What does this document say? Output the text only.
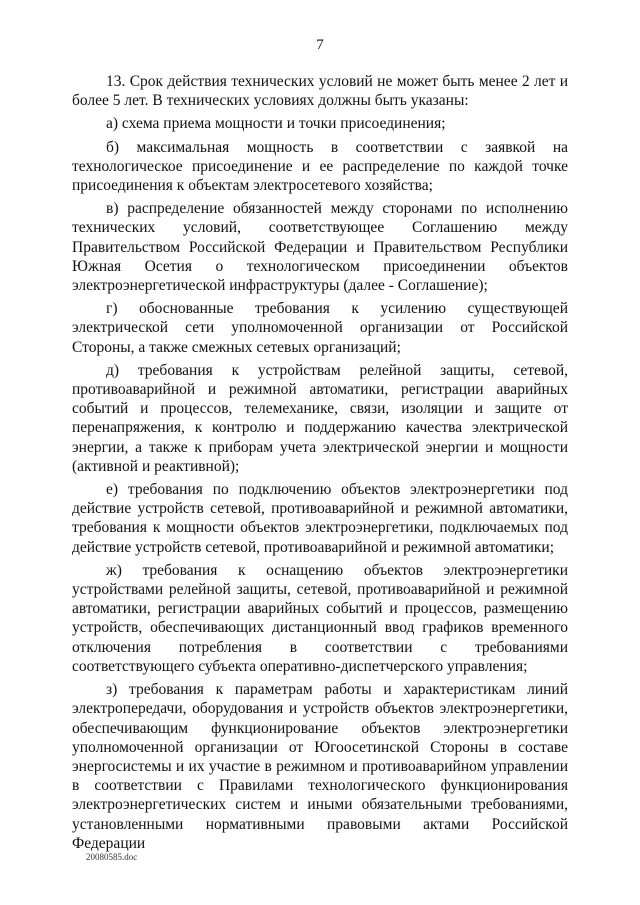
7

13. Срок действия технических условий не может быть менее 2 лет и более 5 лет. В технических условиях должны быть указаны:

а) схема приема мощности и точки присоединения;

б) максимальная мощность в соответствии с заявкой на технологическое присоединение и ее распределение по каждой точке присоединения к объектам электросетевого хозяйства;

в) распределение обязанностей между сторонами по исполнению технических условий, соответствующее Соглашению между Правительством Российской Федерации и Правительством Республики Южная Осетия о технологическом присоединении объектов электроэнергетической инфраструктуры (далее - Соглашение);

г) обоснованные требования к усилению существующей электрической сети уполномоченной организации от Российской Стороны, а также смежных сетевых организаций;

д) требования к устройствам релейной защиты, сетевой, противоаварийной и режимной автоматики, регистрации аварийных событий и процессов, телемеханике, связи, изоляции и защите от перенапряжения, к контролю и поддержанию качества электрической энергии, а также к приборам учета электрической энергии и мощности (активной и реактивной);

е) требования по подключению объектов электроэнергетики под действие устройств сетевой, противоаварийной и режимной автоматики, требования к мощности объектов электроэнергетики, подключаемых под действие устройств сетевой, противоаварийной и режимной автоматики;

ж) требования к оснащению объектов электроэнергетики устройствами релейной защиты, сетевой, противоаварийной и режимной автоматики, регистрации аварийных событий и процессов, размещению устройств, обеспечивающих дистанционный ввод графиков временного отключения потребления в соответствии с требованиями соответствующего субъекта оперативно-диспетчерского управления;

з) требования к параметрам работы и характеристикам линий электропередачи, оборудования и устройств объектов электроэнергетики, обеспечивающим функционирование объектов электроэнергетики уполномоченной организации от Югоосетинской Стороны в составе энергосистемы и их участие в режимном и противоаварийном управлении в соответствии с Правилами технологического функционирования электроэнергетических систем и иными обязательными требованиями, установленными нормативными правовыми актами Российской Федерации

20080585.doc
